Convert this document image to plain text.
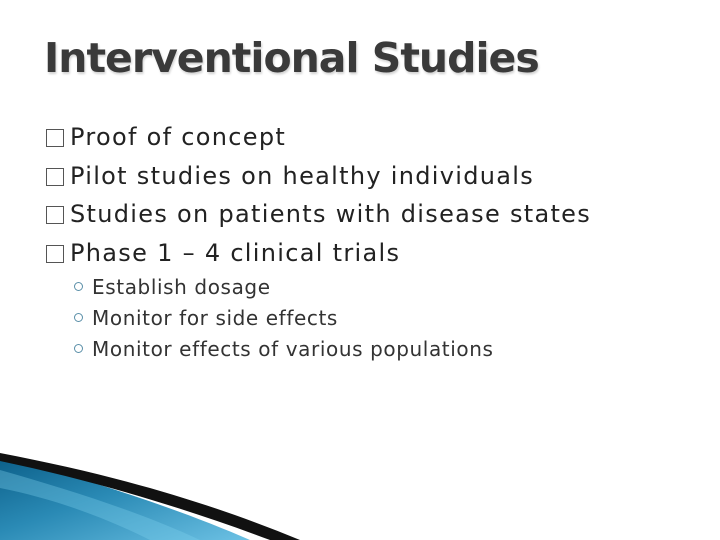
Interventional Studies
Proof of concept
Pilot studies on healthy individuals
Studies on patients with disease states
Phase 1 – 4 clinical trials
Establish dosage
Monitor for side effects
Monitor effects of various populations
